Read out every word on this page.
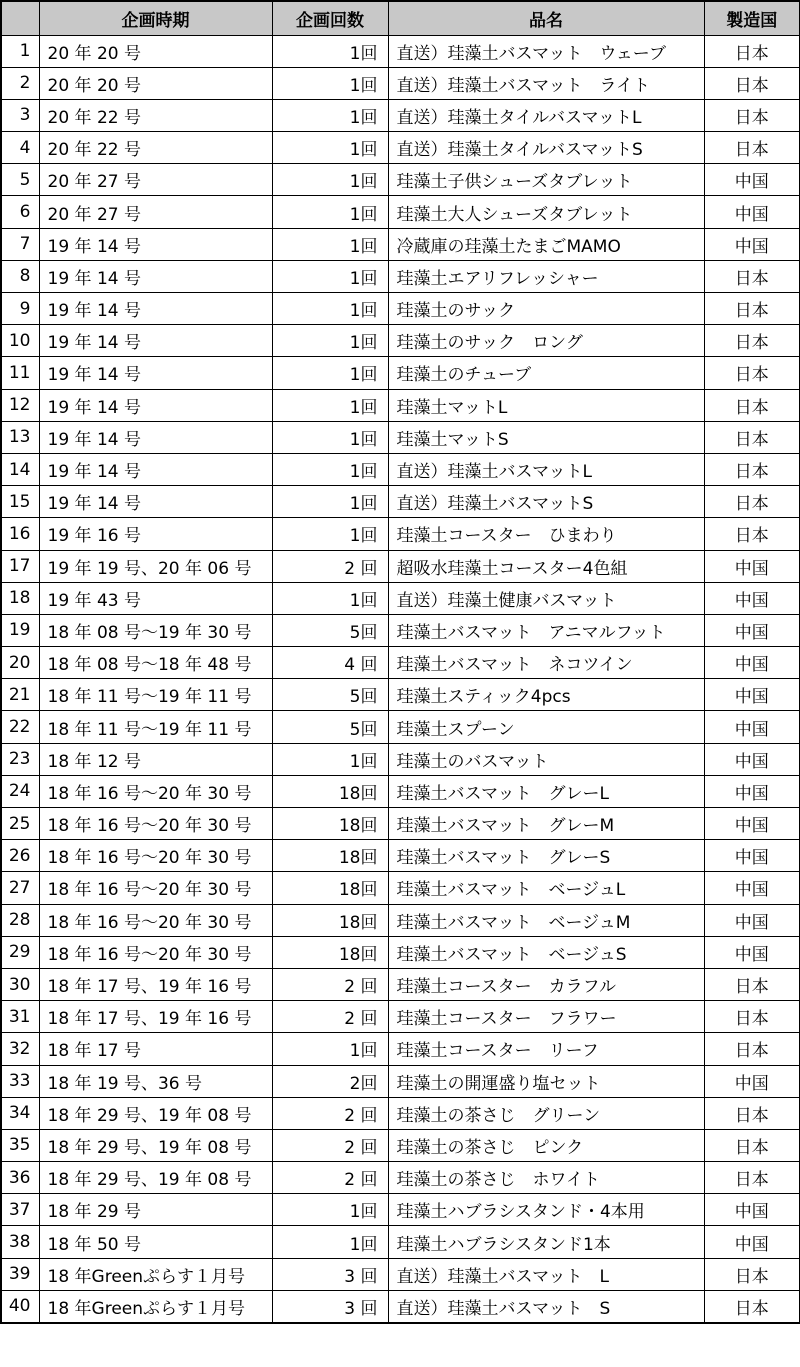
	企画時期	企画回数	品名	製造国
1	20 年 20 号	1回	直送）珪藻土バスマット　ウェーブ	日本
2	20 年 20 号	1回	直送）珪藻土バスマット　ライト	日本
3	20 年 22 号	1回	直送）珪藻土タイルバスマットL	日本
4	20 年 22 号	1回	直送）珪藻土タイルバスマットS	日本
5	20 年 27 号	1回	珪藻土子供シューズタブレット	中国
6	20 年 27 号	1回	珪藻土大人シューズタブレット	中国
7	19 年 14 号	1回	冷蔵庫の珪藻土たまごMAMO	中国
8	19 年 14 号	1回	珪藻土エアリフレッシャー	日本
9	19 年 14 号	1回	珪藻土のサック	日本
10	19 年 14 号	1回	珪藻土のサック　ロング	日本
11	19 年 14 号	1回	珪藻土のチューブ	日本
12	19 年 14 号	1回	珪藻土マットL	日本
13	19 年 14 号	1回	珪藻土マットS	日本
14	19 年 14 号	1回	直送）珪藻土バスマットL	日本
15	19 年 14 号	1回	直送）珪藻土バスマットS	日本
16	19 年 16 号	1回	珪藻土コースター　ひまわり	日本
17	19 年 19 号、20 年 06 号	2 回	超吸水珪藻土コースター4色組	中国
18	19 年 43 号	1回	直送）珪藻土健康バスマット	中国
19	18 年 08 号～19 年 30 号	5回	珪藻土バスマット　アニマルフット	中国
20	18 年 08 号～18 年 48 号	4 回	珪藻土バスマット　ネコツイン	中国
21	18 年 11 号～19 年 11 号	5回	珪藻土スティック4pcs	中国
22	18 年 11 号～19 年 11 号	5回	珪藻土スプーン	中国
23	18 年 12 号	1回	珪藻土のバスマット	中国
24	18 年 16 号～20 年 30 号	18回	珪藻土バスマット　グレーL	中国
25	18 年 16 号～20 年 30 号	18回	珪藻土バスマット　グレーM	中国
26	18 年 16 号～20 年 30 号	18回	珪藻土バスマット　グレーS	中国
27	18 年 16 号～20 年 30 号	18回	珪藻土バスマット　ベージュL	中国
28	18 年 16 号～20 年 30 号	18回	珪藻土バスマット　ベージュM	中国
29	18 年 16 号～20 年 30 号	18回	珪藻土バスマット　ベージュS	中国
30	18 年 17 号、19 年 16 号	2 回	珪藻土コースター　カラフル	日本
31	18 年 17 号、19 年 16 号	2 回	珪藻土コースター　フラワー	日本
32	18 年 17 号	1回	珪藻土コースター　リーフ	日本
33	18 年 19 号、36 号	2回	珪藻土の開運盛り塩セット	中国
34	18 年 29 号、19 年 08 号	2 回	珪藻土の茶さじ　グリーン	日本
35	18 年 29 号、19 年 08 号	2 回	珪藻土の茶さじ　ピンク	日本
36	18 年 29 号、19 年 08 号	2 回	珪藻土の茶さじ　ホワイト	日本
37	18 年 29 号	1回	珪藻土ハブラシスタンド・4本用	中国
38	18 年 50 号	1回	珪藻土ハブラシスタンド1本	中国
39	18 年Greenぷらす１月号	3 回	直送）珪藻土バスマット　L	日本
40	18 年Greenぷらす１月号	3 回	直送）珪藻土バスマット　S	日本
